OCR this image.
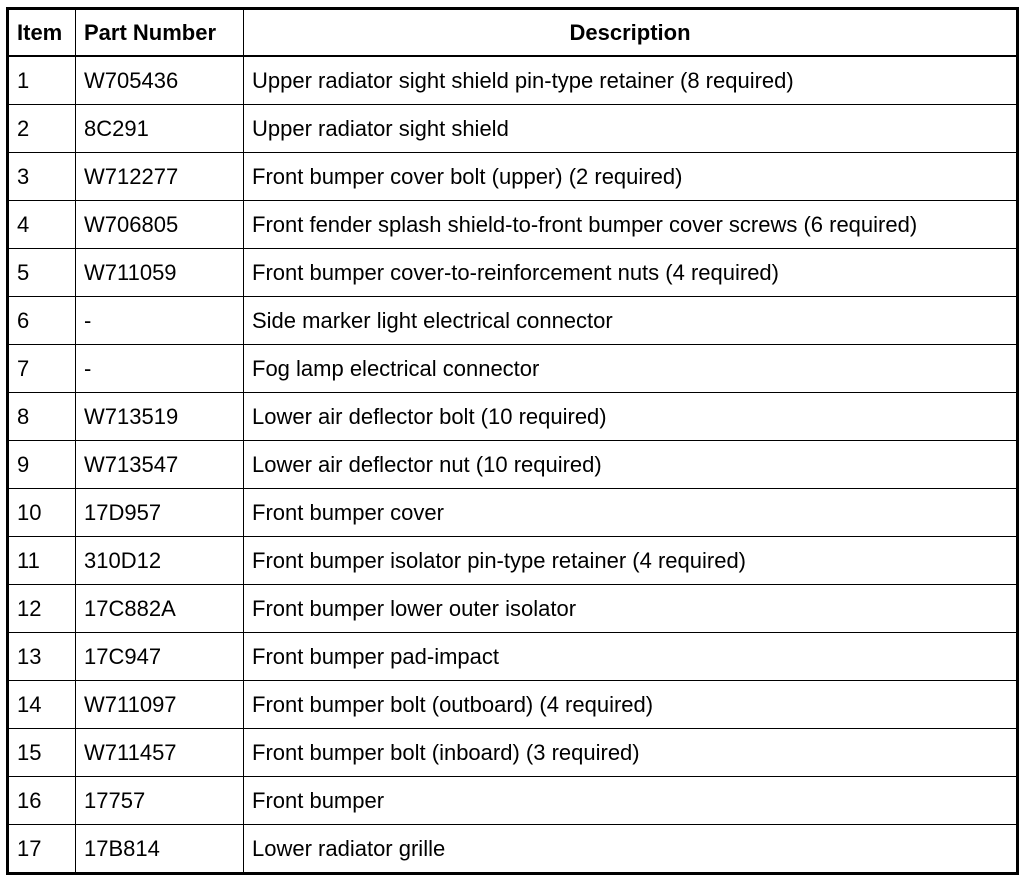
Item	Part Number	Description
1	W705436	Upper radiator sight shield pin-type retainer (8 required)
2	8C291	Upper radiator sight shield
3	W712277	Front bumper cover bolt (upper) (2 required)
4	W706805	Front fender splash shield-to-front bumper cover screws (6 required)
5	W711059	Front bumper cover-to-reinforcement nuts (4 required)
6	-	Side marker light electrical connector
7	-	Fog lamp electrical connector
8	W713519	Lower air deflector bolt (10 required)
9	W713547	Lower air deflector nut (10 required)
10	17D957	Front bumper cover
11	310D12	Front bumper isolator pin-type retainer (4 required)
12	17C882A	Front bumper lower outer isolator
13	17C947	Front bumper pad-impact
14	W711097	Front bumper bolt (outboard) (4 required)
15	W711457	Front bumper bolt (inboard) (3 required)
16	17757	Front bumper
17	17B814	Lower radiator grille
